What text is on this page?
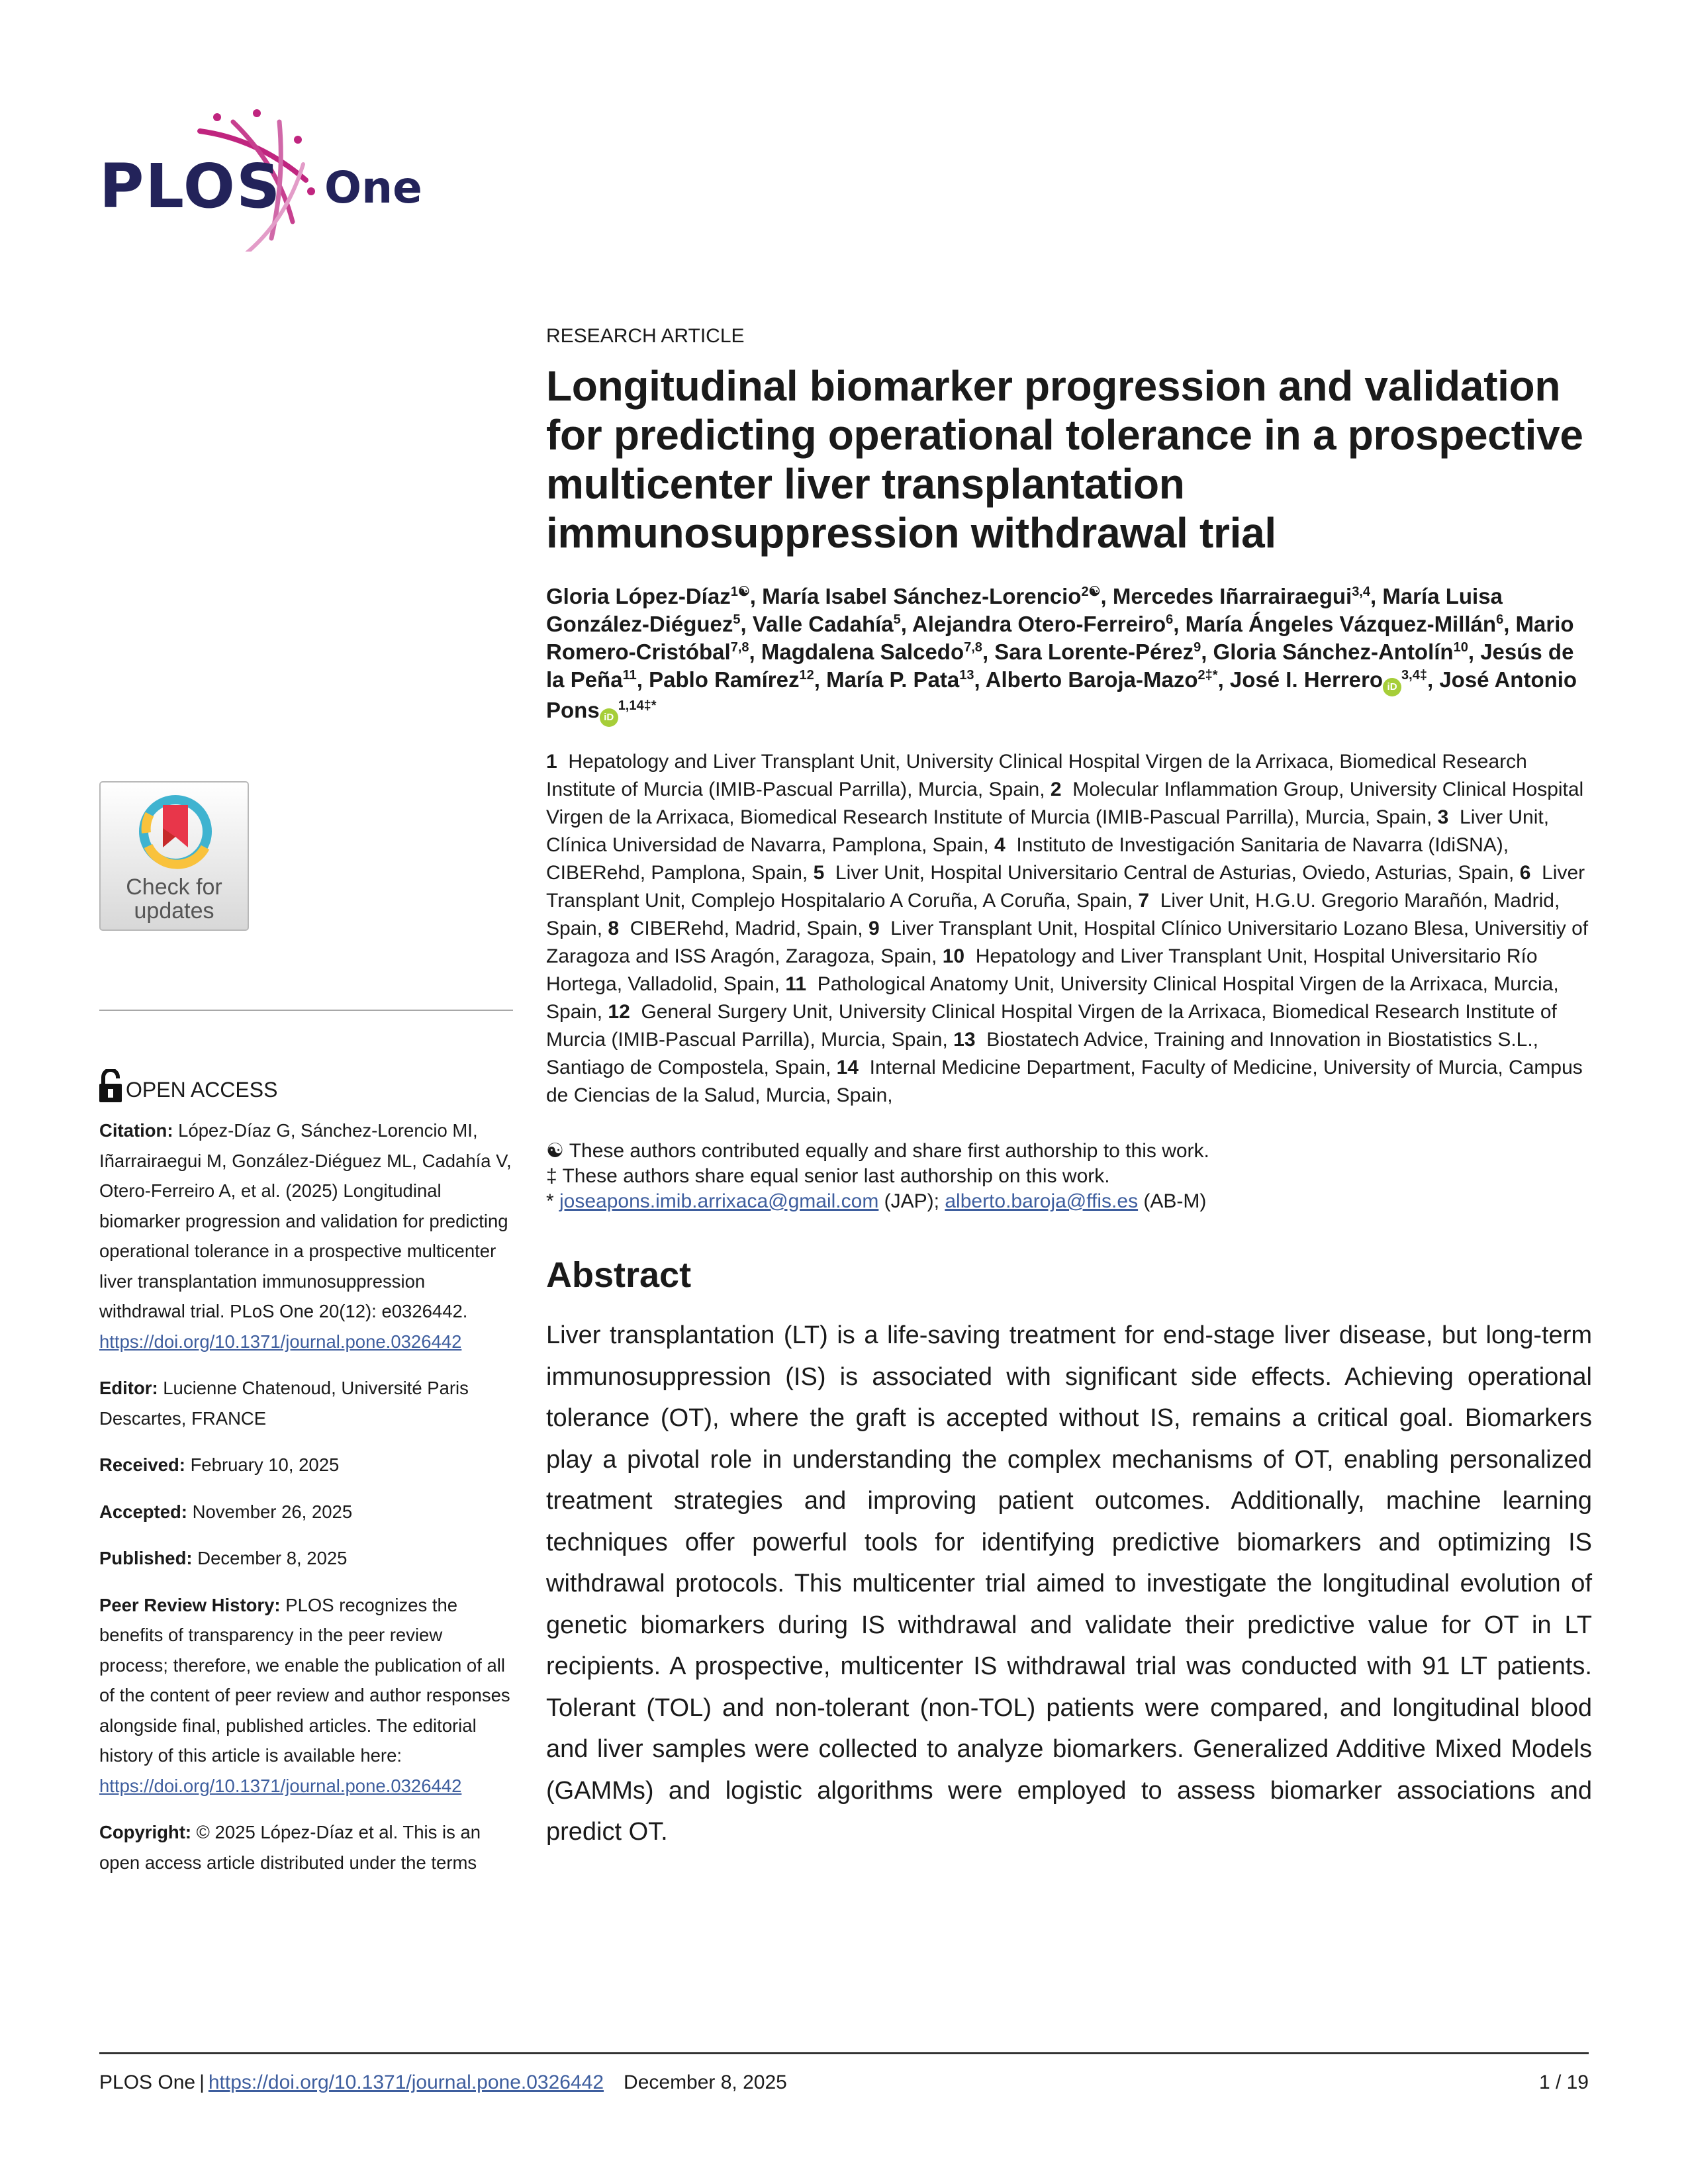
PLOS One
Check for
updates
OPEN ACCESS

Citation: López-Díaz G, Sánchez-Lorencio MI, Iñarrairaegui M, González-Diéguez ML, Cadahía V, Otero-Ferreiro A, et al. (2025) Longitudinal biomarker progression and validation for predicting operational tolerance in a prospective multicenter liver transplantation immunosuppression withdrawal trial. PLoS One 20(12): e0326442. https://doi.org/10.1371/journal.pone.0326442

Editor: Lucienne Chatenoud, Université Paris Descartes, FRANCE

Received: February 10, 2025

Accepted: November 26, 2025

Published: December 8, 2025

Peer Review History: PLOS recognizes the benefits of transparency in the peer review process; therefore, we enable the publication of all of the content of peer review and author responses alongside final, published articles. The editorial history of this article is available here: https://doi.org/10.1371/journal.pone.0326442

Copyright: © 2025 López-Díaz et al. This is an open access article distributed under the terms

RESEARCH ARTICLE

Longitudinal biomarker progression and validation for predicting operational tolerance in a prospective multicenter liver transplantation immunosuppression withdrawal trial

Gloria López-Díaz$^{1☯}$, María Isabel Sánchez-Lorencio$^{2☯}$, Mercedes Iñarrairaegui$^{3,4}$, María Luisa González-Diéguez$^5$, Valle Cadahía$^5$, Alejandra Otero-Ferreiro$^6$, María Ángeles Vázquez-Millán$^6$, Mario Romero-Cristóbal$^{7,8}$, Magdalena Salcedo$^{7,8}$, Sara Lorente-Pérez$^9$, Gloria Sánchez-Antolín$^{10}$, Jesús de la Peña$^{11}$, Pablo Ramírez$^{12}$, María P. Pata$^{13}$, Alberto Baroja-Mazo$^{2\ddagger*}$, José I. Herrero $iD^{3,4\ddagger}$, José Antonio Pons $iD^{1,14\ddagger*}$

1  Hepatology and Liver Transplant Unit, University Clinical Hospital Virgen de la Arrixaca, Biomedical Research Institute of Murcia (IMIB-Pascual Parrilla), Murcia, Spain, 2  Molecular Inflammation Group, University Clinical Hospital Virgen de la Arrixaca, Biomedical Research Institute of Murcia (IMIB-Pascual Parrilla), Murcia, Spain, 3  Liver Unit, Clínica Universidad de Navarra, Pamplona, Spain, 4  Instituto de Investigación Sanitaria de Navarra (IdiSNA), CIBERehd, Pamplona, Spain, 5  Liver Unit, Hospital Universitario Central de Asturias, Oviedo, Asturias, Spain, 6  Liver Transplant Unit, Complejo Hospitalario A Coruña, A Coruña, Spain, 7  Liver Unit, H.G.U. Gregorio Marañón, Madrid, Spain, 8  CIBERehd, Madrid, Spain, 9  Liver Transplant Unit, Hospital Clínico Universitario Lozano Blesa, Universitiy of Zaragoza and ISS Aragón, Zaragoza, Spain, 10  Hepatology and Liver Transplant Unit, Hospital Universitario Río Hortega, Valladolid, Spain, 11  Pathological Anatomy Unit, University Clinical Hospital Virgen de la Arrixaca, Murcia, Spain, 12  General Surgery Unit, University Clinical Hospital Virgen de la Arrixaca, Biomedical Research Institute of Murcia (IMIB-Pascual Parrilla), Murcia, Spain, 13  Biostatech Advice, Training and Innovation in Biostatistics S.L., Santiago de Compostela, Spain, 14  Internal Medicine Department, Faculty of Medicine, University of Murcia, Campus de Ciencias de la Salud, Murcia, Spain,

☯ These authors contributed equally and share first authorship to this work.
‡ These authors share equal senior last authorship on this work.
* joseapons.imib.arrixaca@gmail.com (JAP); alberto.baroja@ffis.es (AB-M)
Abstract

Liver transplantation (LT) is a life-saving treatment for end-stage liver disease, but long-term immunosuppression (IS) is associated with significant side effects. Achieving operational tolerance (OT), where the graft is accepted without IS, remains a critical goal. Biomarkers play a pivotal role in understanding the complex mechanisms of OT, enabling personalized treatment strategies and improving patient outcomes. Additionally, machine learning techniques offer powerful tools for identifying predictive biomarkers and optimizing IS withdrawal protocols. This multicenter trial aimed to investigate the longitudinal evolution of genetic biomarkers during IS withdrawal and validate their predictive value for OT in LT recipients. A prospective, multicenter IS withdrawal trial was conducted with 91 LT patients. Tolerant (TOL) and non-tolerant (non-TOL) patients were compared, and longitudinal blood and liver samples were collected to analyze biomarkers. Generalized Additive Mixed Models (GAMMs) and logistic algorithms were employed to assess biomarker associations and predict OT.

PLOS One | https://doi.org/10.1371/journal.pone.0326442 December 8, 2025	1 / 19
